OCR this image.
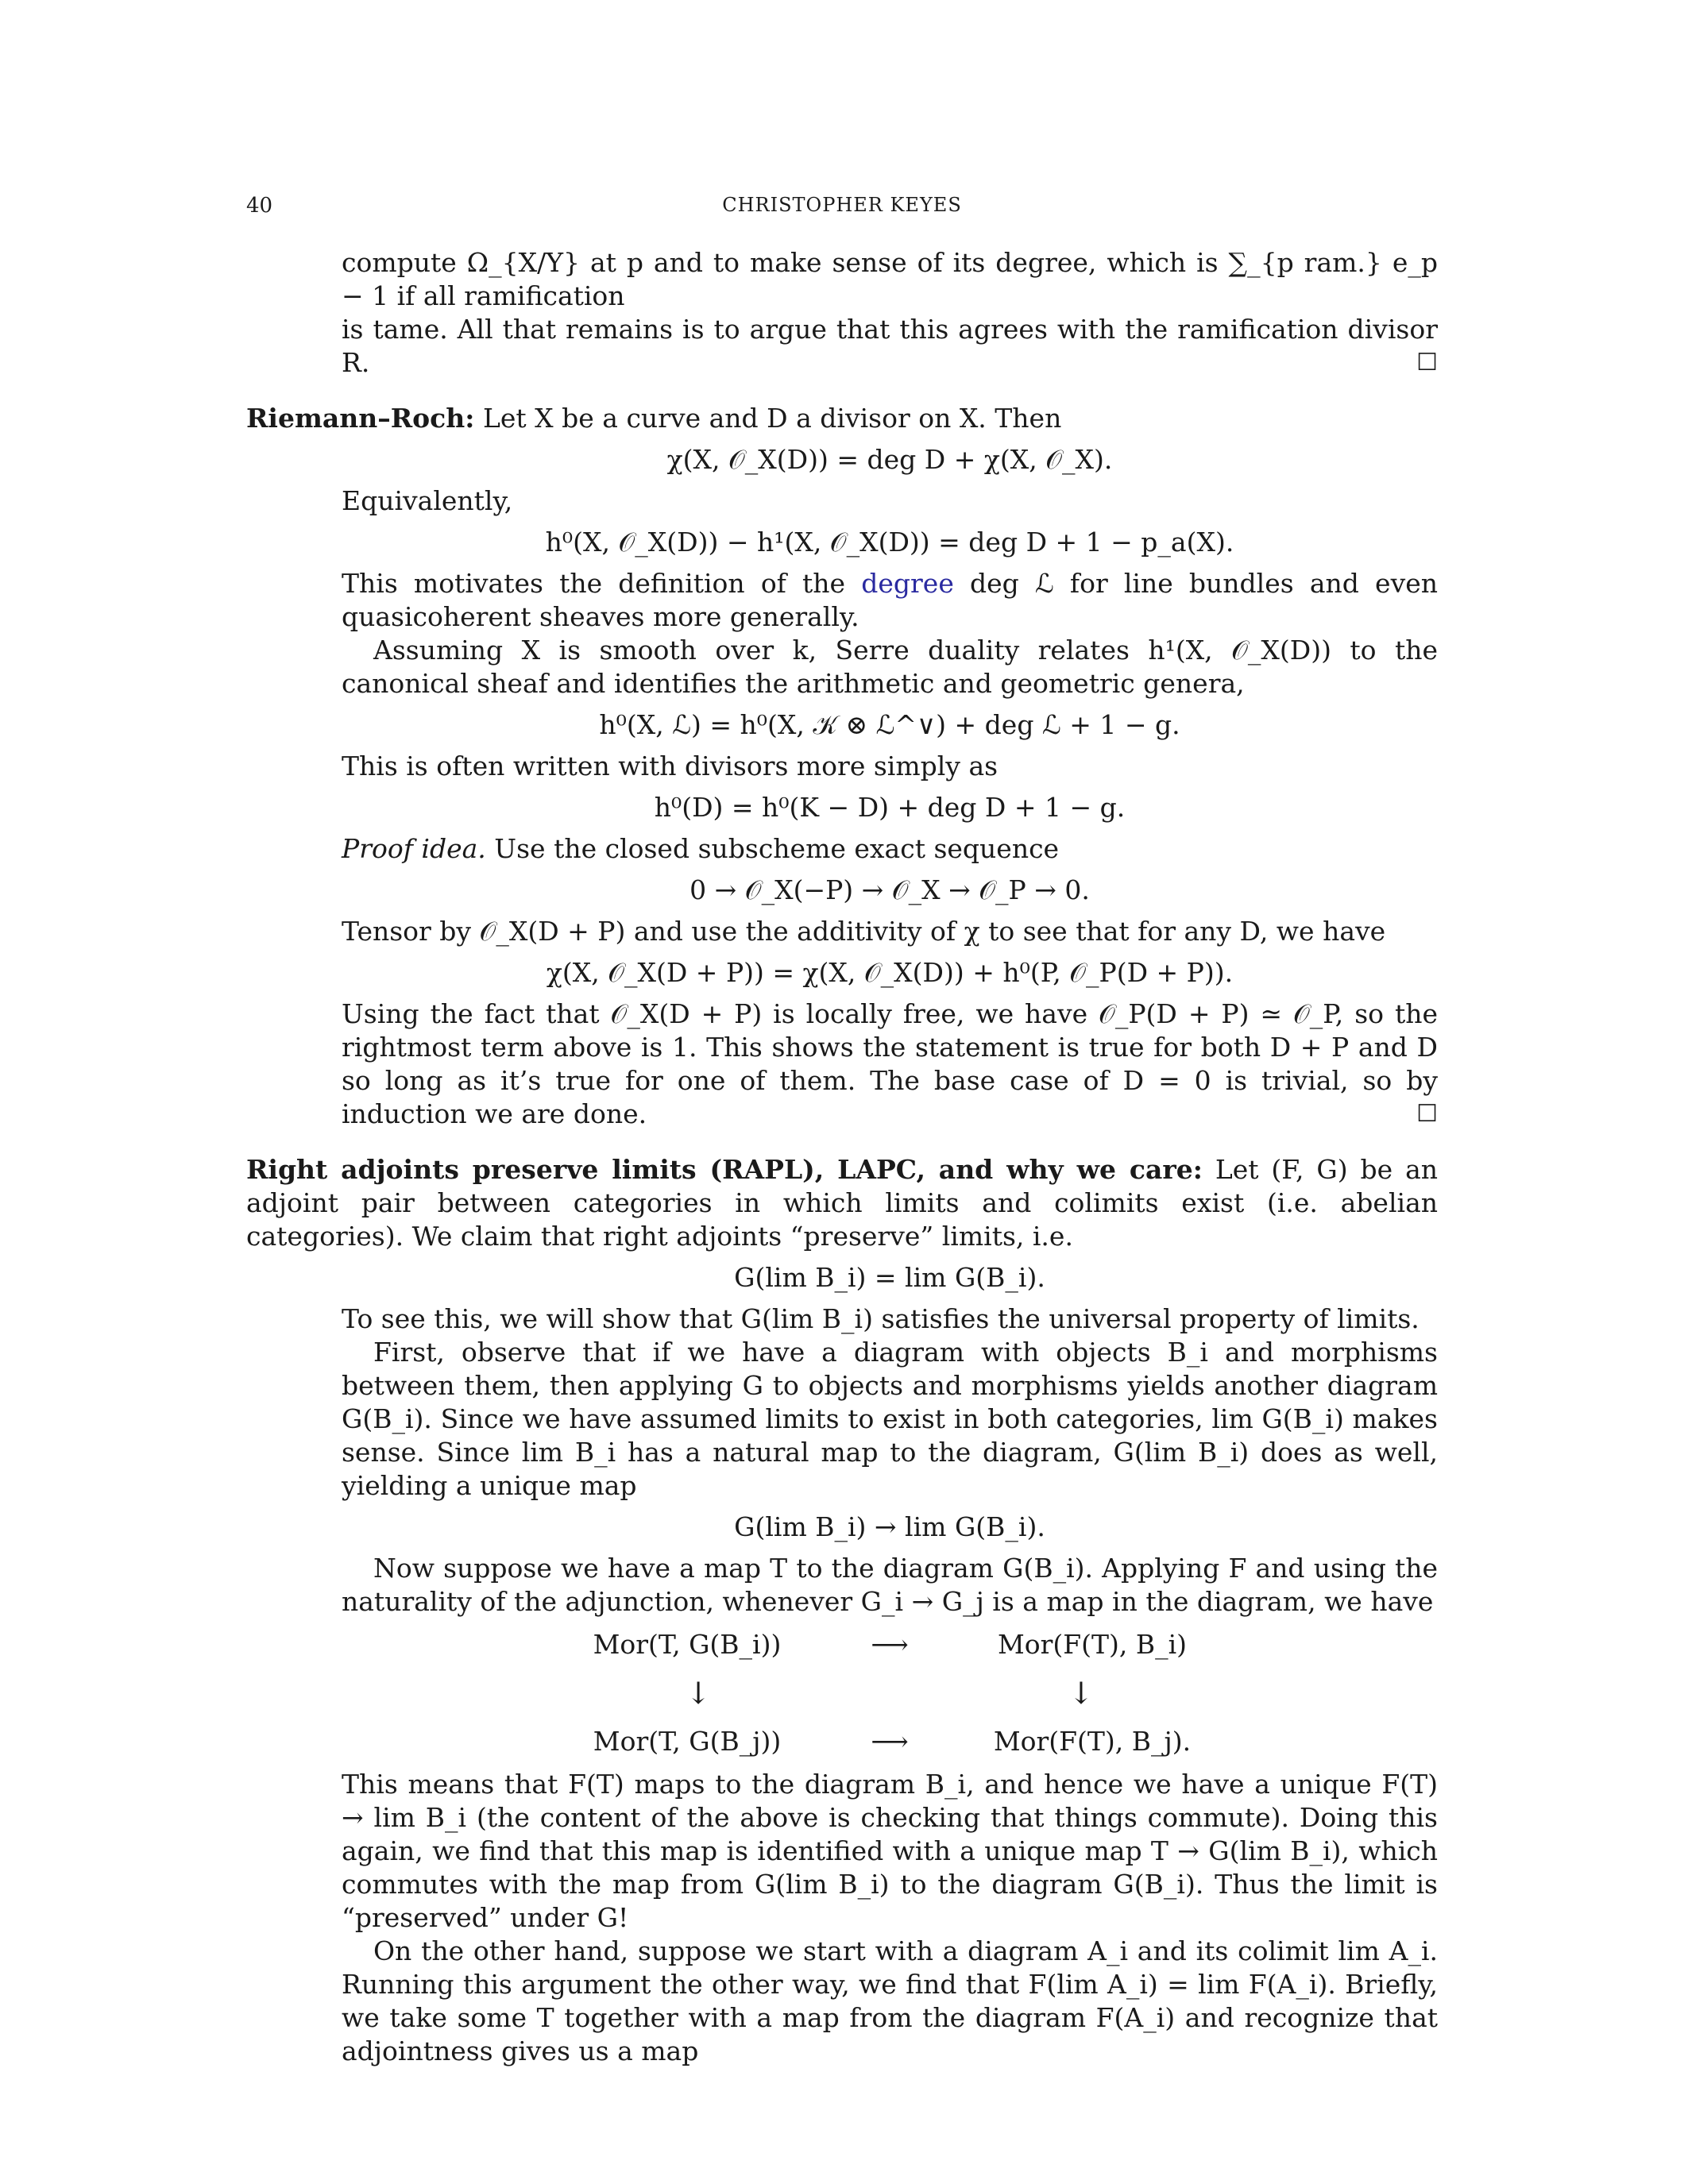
40	CHRISTOPHER KEYES

compute Ω_{X/Y} at p and to make sense of its degree, which is ∑_{p ram.} e_p − 1 if all ramification

is tame. All that remains is to argue that this agrees with the ramification divisor R.	☐

Riemann–Roch: Let X be a curve and D a divisor on X. Then

χ(X, 𝒪_X(D)) = deg D + χ(X, 𝒪_X).

Equivalently,

h⁰(X, 𝒪_X(D)) − h¹(X, 𝒪_X(D)) = deg D + 1 − p_a(X).

This motivates the definition of the degree deg ℒ for line bundles and even quasicoherent sheaves more generally.

Assuming X is smooth over k, Serre duality relates h¹(X, 𝒪_X(D)) to the canonical sheaf and identifies the arithmetic and geometric genera,

h⁰(X, ℒ) = h⁰(X, 𝒦 ⊗ ℒ^∨) + deg ℒ + 1 − g.

This is often written with divisors more simply as

h⁰(D) = h⁰(K − D) + deg D + 1 − g.

Proof idea. Use the closed subscheme exact sequence

0 → 𝒪_X(−P) → 𝒪_X → 𝒪_P → 0.

Tensor by 𝒪_X(D + P) and use the additivity of χ to see that for any D, we have

χ(X, 𝒪_X(D + P)) = χ(X, 𝒪_X(D)) + h⁰(P, 𝒪_P(D + P)).

Using the fact that 𝒪_X(D + P) is locally free, we have 𝒪_P(D + P) ≃ 𝒪_P, so the rightmost term above is 1. This shows the statement is true for both D + P and D so long as it’s true for one of them. The base case of D = 0 is trivial, so by induction we are done.	☐

Right adjoints preserve limits (RAPL), LAPC, and why we care: Let (F, G) be an adjoint pair between categories in which limits and colimits exist (i.e. abelian categories). We claim that right adjoints “preserve” limits, i.e.

G(lim B_i) = lim G(B_i).

To see this, we will show that G(lim B_i) satisfies the universal property of limits.

First, observe that if we have a diagram with objects B_i and morphisms between them, then applying G to objects and morphisms yields another diagram G(B_i). Since we have assumed limits to exist in both categories, lim G(B_i) makes sense. Since lim B_i has a natural map to the diagram, G(lim B_i) does as well, yielding a unique map

G(lim B_i) → lim G(B_i).

Now suppose we have a map T to the diagram G(B_i). Applying F and using the naturality of the adjunction, whenever G_i → G_j is a map in the diagram, we have

Mor(T, G(B_i))	⟶	Mor(F(T), B_i)
↓	↓
Mor(T, G(B_j))	⟶	Mor(F(T), B_j).

This means that F(T) maps to the diagram B_i, and hence we have a unique F(T) → lim B_i (the content of the above is checking that things commute). Doing this again, we find that this map is identified with a unique map T → G(lim B_i), which commutes with the map from G(lim B_i) to the diagram G(B_i). Thus the limit is “preserved” under G!

On the other hand, suppose we start with a diagram A_i and its colimit lim A_i. Running this argument the other way, we find that F(lim A_i) = lim F(A_i). Briefly, we take some T together with a map from the diagram F(A_i) and recognize that adjointness gives us a map
